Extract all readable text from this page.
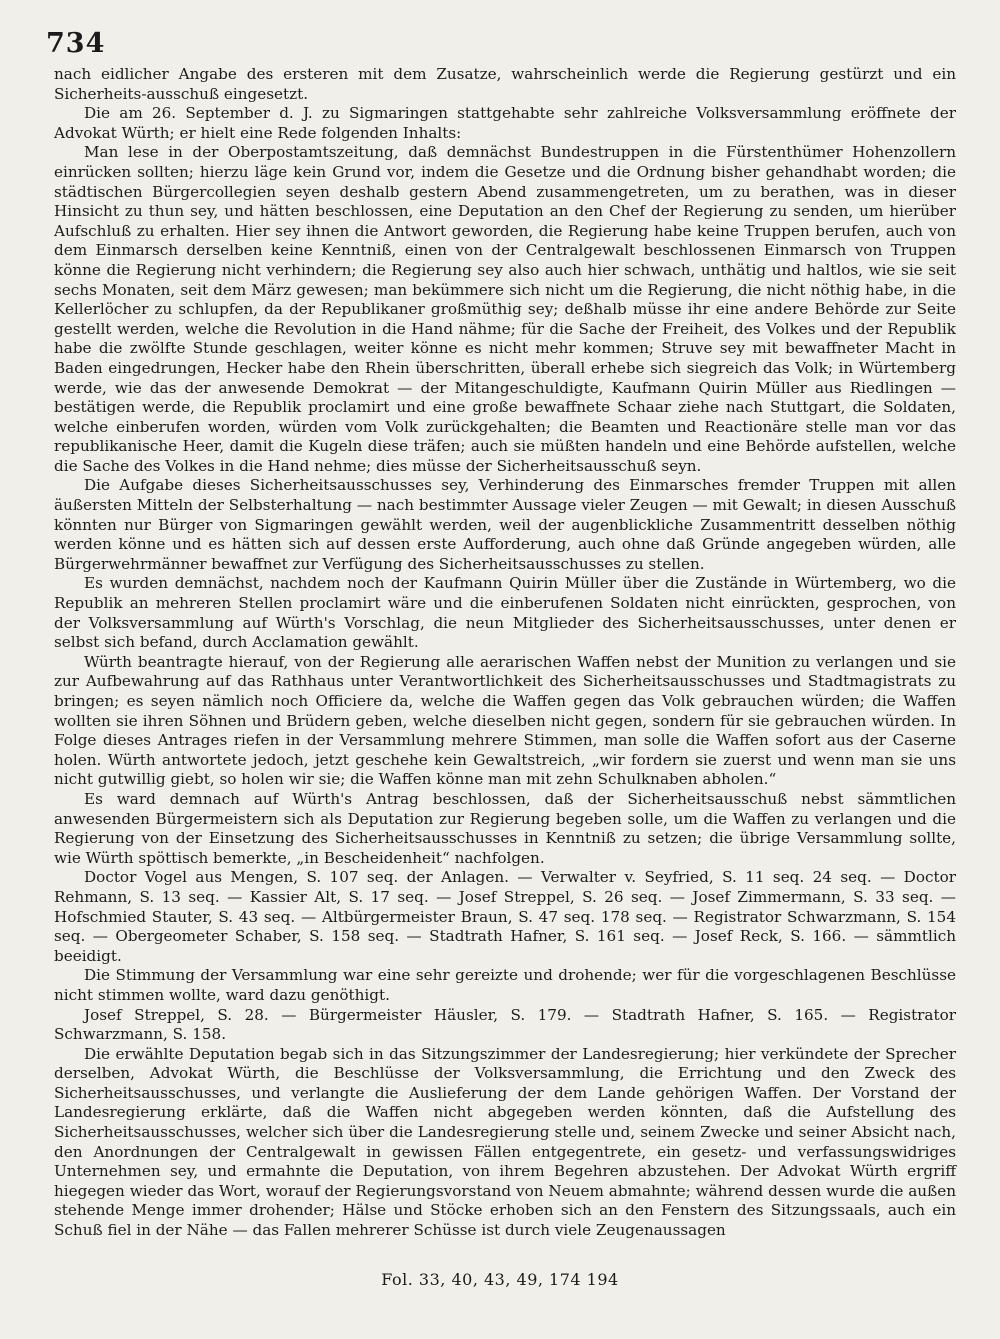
734

nach eidlicher Angabe des ersteren mit dem Zusatze, wahrscheinlich werde die Regierung gestürzt und ein Sicherheits-ausschuß eingesetzt.

Die am 26. September d. J. zu Sigmaringen stattgehabte sehr zahlreiche Volksversammlung eröffnete der Advokat Würth; er hielt eine Rede folgenden Inhalts:

Man lese in der Oberpostamtszeitung, daß demnächst Bundestruppen in die Fürstenthümer Hohenzollern einrücken sollten; hierzu läge kein Grund vor, indem die Gesetze und die Ordnung bisher gehandhabt worden; die städtischen Bürgercollegien seyen deshalb gestern Abend zusammengetreten, um zu berathen, was in dieser Hinsicht zu thun sey, und hätten beschlossen, eine Deputation an den Chef der Regierung zu senden, um hierüber Aufschluß zu erhalten. Hier sey ihnen die Antwort geworden, die Regierung habe keine Truppen berufen, auch von dem Einmarsch derselben keine Kenntniß, einen von der Centralgewalt beschlossenen Einmarsch von Truppen könne die Regierung nicht verhindern; die Regierung sey also auch hier schwach, unthätig und haltlos, wie sie seit sechs Monaten, seit dem März gewesen; man bekümmere sich nicht um die Regierung, die nicht nöthig habe, in die Kellerlöcher zu schlupfen, da der Republikaner großmüthig sey; deßhalb müsse ihr eine andere Behörde zur Seite gestellt werden, welche die Revolution in die Hand nähme; für die Sache der Freiheit, des Volkes und der Republik habe die zwölfte Stunde geschlagen, weiter könne es nicht mehr kommen; Struve sey mit bewaffneter Macht in Baden eingedrungen, Hecker habe den Rhein überschritten, überall erhebe sich siegreich das Volk; in Würtemberg werde, wie das der anwesende Demokrat — der Mitangeschuldigte, Kaufmann Quirin Müller aus Riedlingen — bestätigen werde, die Republik proclamirt und eine große bewaffnete Schaar ziehe nach Stuttgart, die Soldaten, welche einberufen worden, würden vom Volk zurückgehalten; die Beamten und Reactionäre stelle man vor das republikanische Heer, damit die Kugeln diese träfen; auch sie müßten handeln und eine Behörde aufstellen, welche die Sache des Volkes in die Hand nehme; dies müsse der Sicherheitsausschuß seyn.

Die Aufgabe dieses Sicherheitsausschusses sey, Verhinderung des Einmarsches fremder Truppen mit allen äußersten Mitteln der Selbsterhaltung — nach bestimmter Aussage vieler Zeugen — mit Gewalt; in diesen Ausschuß könnten nur Bürger von Sigmaringen gewählt werden, weil der augenblickliche Zusammentritt desselben nöthig werden könne und es hätten sich auf dessen erste Aufforderung, auch ohne daß Gründe angegeben würden, alle Bürgerwehrmänner bewaffnet zur Verfügung des Sicherheitsausschusses zu stellen.

Es wurden demnächst, nachdem noch der Kaufmann Quirin Müller über die Zustände in Würtemberg, wo die Republik an mehreren Stellen proclamirt wäre und die einberufenen Soldaten nicht einrückten, gesprochen, von der Volksversammlung auf Würth's Vorschlag, die neun Mitglieder des Sicherheitsausschusses, unter denen er selbst sich befand, durch Acclamation gewählt.

Würth beantragte hierauf, von der Regierung alle aerarischen Waffen nebst der Munition zu verlangen und sie zur Aufbewahrung auf das Rathhaus unter Verantwortlichkeit des Sicherheitsausschusses und Stadtmagistrats zu bringen; es seyen nämlich noch Officiere da, welche die Waffen gegen das Volk gebrauchen würden; die Waffen wollten sie ihren Söhnen und Brüdern geben, welche dieselben nicht gegen, sondern für sie gebrauchen würden. In Folge dieses Antrages riefen in der Versammlung mehrere Stimmen, man solle die Waffen sofort aus der Caserne holen. Würth antwortete jedoch, jetzt geschehe kein Gewaltstreich, „wir fordern sie zuerst und wenn man sie uns nicht gutwillig giebt, so holen wir sie; die Waffen könne man mit zehn Schulknaben abholen.“

Es ward demnach auf Würth's Antrag beschlossen, daß der Sicherheitsausschuß nebst sämmtlichen anwesenden Bürgermeistern sich als Deputation zur Regierung begeben solle, um die Waffen zu verlangen und die Regierung von der Einsetzung des Sicherheitsausschusses in Kenntniß zu setzen; die übrige Versammlung sollte, wie Würth spöttisch bemerkte, „in Bescheidenheit“ nachfolgen.

Doctor Vogel aus Mengen, S. 107 seq. der Anlagen. — Verwalter v. Seyfried, S. 11 seq. 24 seq. — Doctor Rehmann, S. 13 seq. — Kassier Alt, S. 17 seq. — Josef Streppel, S. 26 seq. — Josef Zimmermann, S. 33 seq. — Hofschmied Stauter, S. 43 seq. — Altbürgermeister Braun, S. 47 seq. 178 seq. — Registrator Schwarzmann, S. 154 seq. — Obergeometer Schaber, S. 158 seq. — Stadtrath Hafner, S. 161 seq. — Josef Reck, S. 166. — sämmtlich beeidigt.

Die Stimmung der Versammlung war eine sehr gereizte und drohende; wer für die vorgeschlagenen Beschlüsse nicht stimmen wollte, ward dazu genöthigt.

Josef Streppel, S. 28. — Bürgermeister Häusler, S. 179. — Stadtrath Hafner, S. 165. — Registrator Schwarzmann, S. 158.

Die erwählte Deputation begab sich in das Sitzungszimmer der Landesregierung; hier verkündete der Sprecher derselben, Advokat Würth, die Beschlüsse der Volksversammlung, die Errichtung und den Zweck des Sicherheitsausschusses, und verlangte die Auslieferung der dem Lande gehörigen Waffen. Der Vorstand der Landesregierung erklärte, daß die Waffen nicht abgegeben werden könnten, daß die Aufstellung des Sicherheitsausschusses, welcher sich über die Landesregierung stelle und, seinem Zwecke und seiner Absicht nach, den Anordnungen der Centralgewalt in gewissen Fällen entgegentrete, ein gesetz- und verfassungswidriges Unternehmen sey, und ermahnte die Deputation, von ihrem Begehren abzustehen. Der Advokat Würth ergriff hiegegen wieder das Wort, worauf der Regierungsvorstand von Neuem abmahnte; während dessen wurde die außen stehende Menge immer drohender; Hälse und Stöcke erhoben sich an den Fenstern des Sitzungssaals, auch ein Schuß fiel in der Nähe — das Fallen mehrerer Schüsse ist durch viele Zeugenaussagen

Fol. 33, 40, 43, 49, 174 194
